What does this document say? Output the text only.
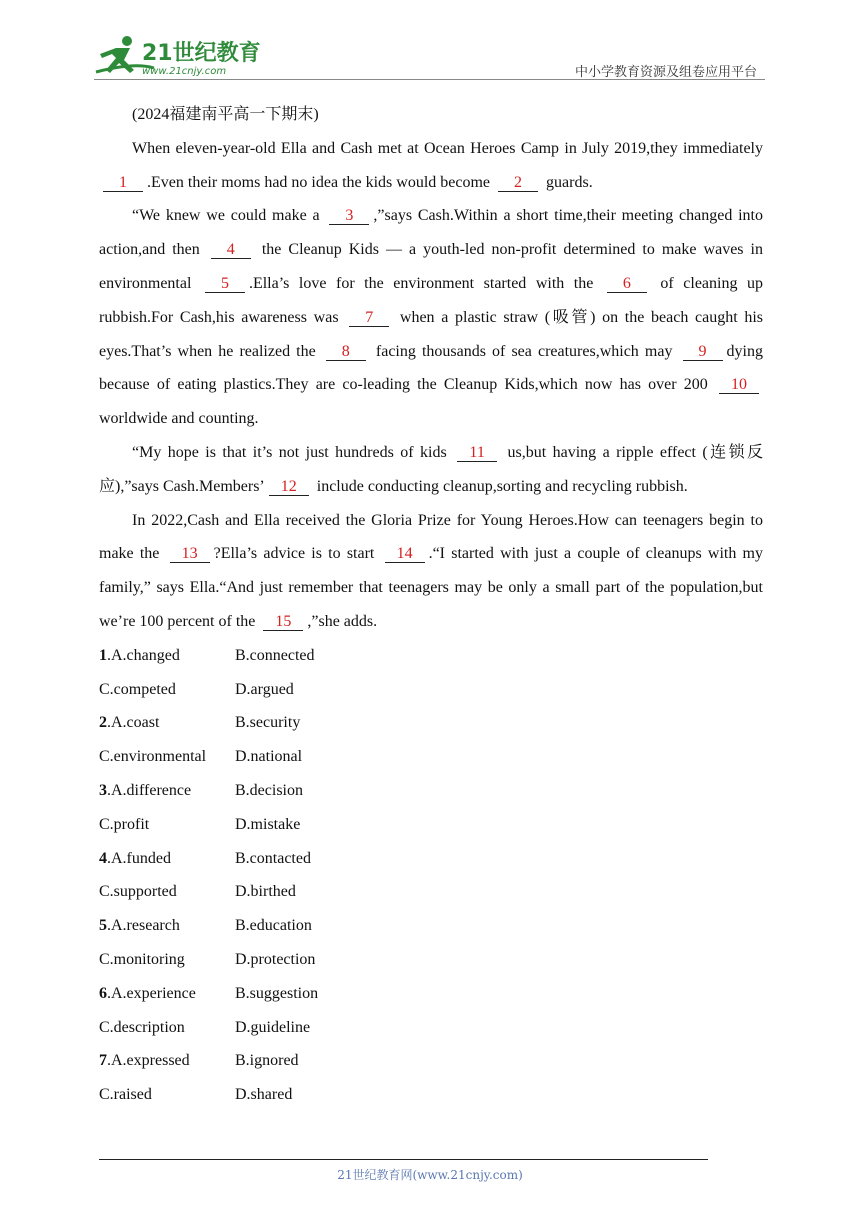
21世纪教育
www.21cnjy.com	中小学教育资源及组卷应用平台

(2024福建南平高一下期末)

When eleven-year-old Ella and Cash met at Ocean Heroes Camp in July 2019,they immediately 1 .Even their moms had no idea the kids would become 2 guards.

“We knew we could make a 3 ,”says Cash.Within a short time,their meeting changed into action,and then 4 the Cleanup Kids — a youth-led non-profit determined to make waves in environmental 5 .Ella’s love for the environment started with the 6 of cleaning up rubbish.For Cash,his awareness was 7 when a plastic straw (吸管) on the beach caught his eyes.That’s when he realized the 8 facing thousands of sea creatures,which may 9 dying because of eating plastics.They are co-leading the Cleanup Kids,which now has over 200 10 worldwide and counting.

“My hope is that it’s not just hundreds of kids 11 us,but having a ripple effect (连锁反应),”says Cash.Members’ 12 include conducting cleanup,sorting and recycling rubbish.

In 2022,Cash and Ella received the Gloria Prize for Young Heroes.How can teenagers begin to make the 13 ?Ella’s advice is to start 14 .“I started with just a couple of cleanups with my family,” says Ella.“And just remember that teenagers may be only a small part of the population,but we’re 100 percent of the 15 ,”she adds.

1.A.changed	B.connected
C.competed	D.argued
2.A.coast	B.security
C.environmental	D.national
3.A.difference	B.decision
C.profit	D.mistake
4.A.funded	B.contacted
C.supported	D.birthed
5.A.research	B.education
C.monitoring	D.protection
6.A.experience	B.suggestion
C.description	D.guideline
7.A.expressed	B.ignored
C.raised	D.shared
21世纪教育网(www.21cnjy.com)
